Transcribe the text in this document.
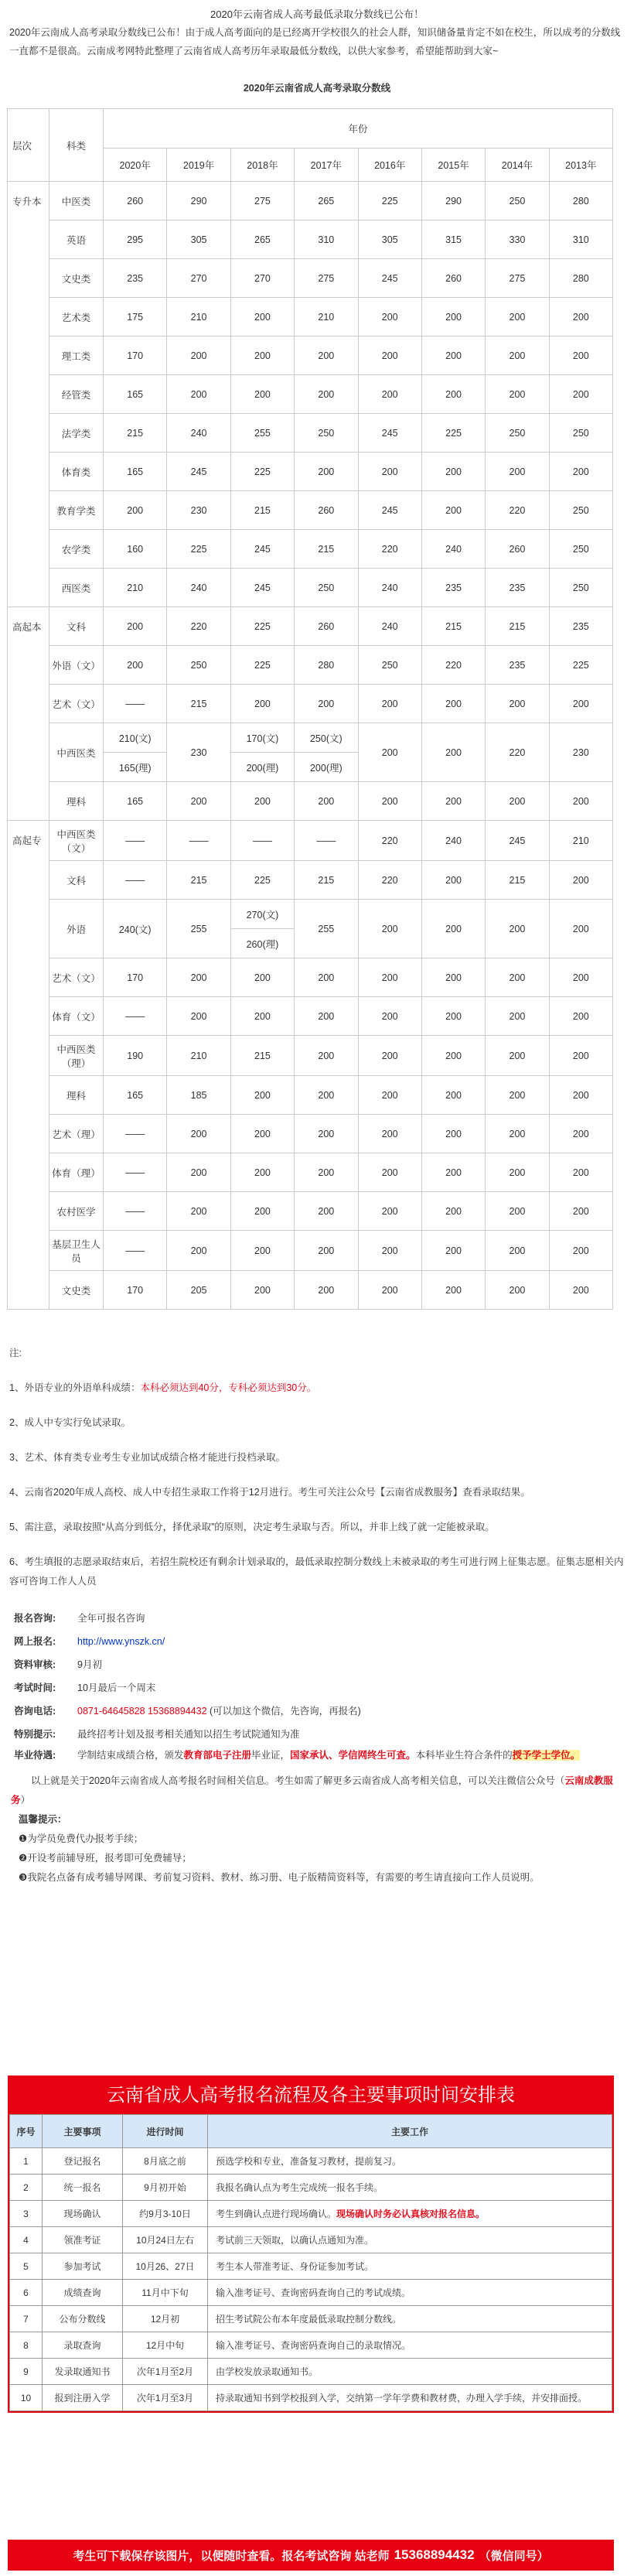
2020年云南省成人高考最低录取分数线已公布！
2020年云南成人高考录取分数线已公布！由于成人高考面向的是已经离开学校很久的社会人群，知识储备量肯定不如在校生，所以成考的分数线一直都不是很高。云南成考网特此整理了云南省成人高考历年录取最低分数线，以供大家参考，希望能帮助到大家~
2020年云南省成人高考录取分数线
层次	科类	年份							
		2020年	2019年	2018年	2017年	2016年	2015年	2014年	2013年
专升本	中医类	260	290	275	265	225	290	250	280
	英语	295	305	265	310	305	315	330	310
	文史类	235	270	270	275	245	260	275	280
	艺术类	175	210	200	210	200	200	200	200
	理工类	170	200	200	200	200	200	200	200
	经管类	165	200	200	200	200	200	200	200
	法学类	215	240	255	250	245	225	250	250
	体育类	165	245	225	200	200	200	200	200
	教育学类	200	230	215	260	245	200	220	250
	农学类	160	225	245	215	220	240	260	250
	西医类	210	240	245	250	240	235	235	250
高起本	文科	200	220	225	260	240	215	215	235
	外语（文）	200	250	225	280	250	220	235	225
	艺术（文）	——	215	200	200	200	200	200	200
	中西医类	210(文)	230	170(文)	250(文)	200	200	220	230
		165(理)		200(理)	200(理)				
	理科	165	200	200	200	200	200	200	200
高起专	中西医类（文）	——	——	——	——	220	240	245	210
	文科	——	215	225	215	220	200	215	200
	外语	240(文)	255	270(文)	255	200	200	200	200
				260(理)					
	艺术（文）	170	200	200	200	200	200	200	200
	体育（文）	——	200	200	200	200	200	200	200
	中西医类（理）	190	210	215	200	200	200	200	200
	理科	165	185	200	200	200	200	200	200
	艺术（理）	——	200	200	200	200	200	200	200
	体育（理）	——	200	200	200	200	200	200	200
	农村医学	——	200	200	200	200	200	200	200
	基层卫生人员	——	200	200	200	200	200	200	200
	文史类	170	205	200	200	200	200	200	200

注:

1、外语专业的外语单科成绩：本科必须达到40分，专科必须达到30分。

2、成人中专实行免试录取。

3、艺术、体育类专业考生专业加试成绩合格才能进行投档录取。

4、云南省2020年成人高校、成人中专招生录取工作将于12月进行。考生可关注公众号【云南省成教服务】查看录取结果。

5、需注意，录取按照“从高分到低分，择优录取”的原则，决定考生录取与否。所以，并非上线了就一定能被录取。

6、考生填报的志愿录取结束后，若招生院校还有剩余计划录取的，最低录取控制分数线上未被录取的考生可进行网上征集志愿。征集志愿相关内容可咨询工作人人员

报名咨询:	全年可报名咨询
网上报名:	http://www.ynszk.cn/
资料审核:	9月初
考试时间:	10月最后一个周末
咨询电话:	0871-64645828 15368894432
(可以加这个微信，先咨询，再报名)
特别提示:	最终招考计划及报考相关通知以招生考试院通知为准
毕业待遇: 学制结束成绩合格，颁发教育部电子注册毕业证，国家承认、学信网终生可查。本科毕业生符合条件的授予学士学位。
以上就是关于2020年云南省成人高考报名时间相关信息。考生如需了解更多云南省成人高考相关信息，可以关注微信公众号（云南成教服务）
温馨提示：
❶为学员免费代办报考手续；
❷开设考前辅导班，报考即可免费辅导；
❸我院名点备有成考辅导网课、考前复习资料、教材、练习册、电子版精简资料等，有需要的考生请直接向工作人员说明。
云南省成人高考报名流程及各主要事项时间安排表
序号	主要事项	进行时间	主要工作
1	登记报名	8月底之前	预选学校和专业，准备复习教材，提前复习。
2	统一报名	9月初开始	我报名确认点为考生完成统一报名手续。
3	现场确认	约9月3-10日	考生到确认点进行现场确认。现场确认时务必认真核对报名信息。
4	领准考证	10月24日左右	考试前三天领取，以确认点通知为准。
5	参加考试	10月26、27日	考生本人带准考证、身份证参加考试。
6	成绩查询	11月中下旬	输入准考证号、查询密码查询自己的考试成绩。
7	公布分数线	12月初	招生考试院公布本年度最低录取控制分数线。
8	录取查询	12月中旬	输入准考证号、查询密码查询自己的录取情况。
9	发录取通知书	次年1月至2月	由学校发放录取通知书。
10	报到注册入学	次年1月至3月	持录取通知书到学校报到入学，交纳第一学年学费和教材费，办理入学手续，并安排面授。
考生可下载保存该图片，以便随时查看。报名考试咨询
姑老师 15368894432 （微信同号）
